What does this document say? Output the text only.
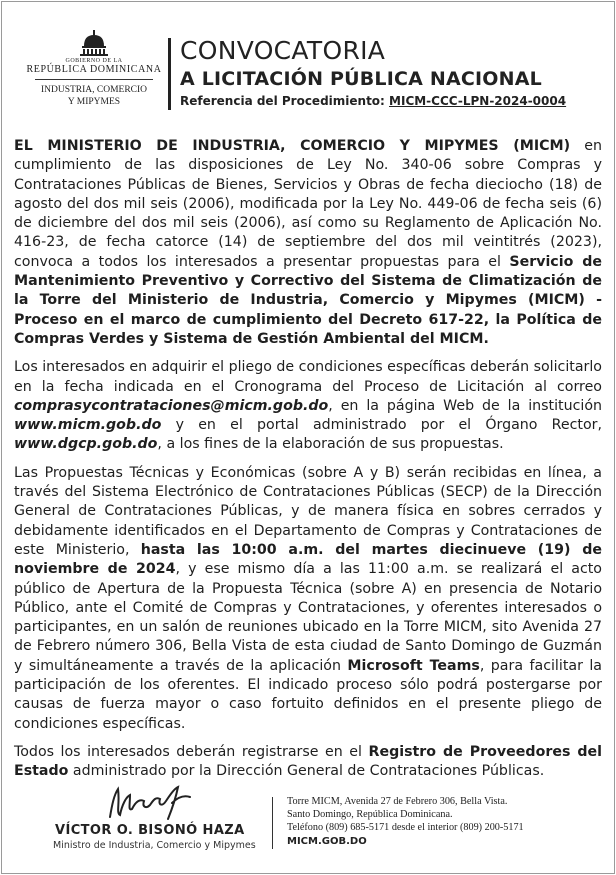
GOBIERNO DE LA
REPÚBLICA DOMINICANA
INDUSTRIA, COMERCIO
Y MIPYMES
CONVOCATORIA
A LICITACIÓN PÚBLICA NACIONAL
Referencia del Procedimiento: MICM-CCC-LPN-2024-0004

EL MINISTERIO DE INDUSTRIA, COMERCIO Y MIPYMES (MICM) en cumplimiento de las disposiciones de Ley No. 340-06 sobre Compras y Contrataciones Públicas de Bienes, Servicios y Obras de fecha dieciocho (18) de agosto del dos mil seis (2006), modificada por la Ley No. 449-06 de fecha seis (6) de diciembre del dos mil seis (2006), así como su Reglamento de Aplicación No. 416-23, de fecha catorce (14) de septiembre del dos mil veintitrés (2023), convoca a todos los interesados a presentar propuestas para el Servicio de Mantenimiento Preventivo y Correctivo del Sistema de Climatización de la Torre del Ministerio de Industria, Comercio y Mipymes (MICM) - Proceso en el marco de cumplimiento del Decreto 617-22, la Política de Compras Verdes y Sistema de Gestión Ambiental del MICM.

Los interesados en adquirir el pliego de condiciones específicas deberán solicitarlo en la fecha indicada en el Cronograma del Proceso de Licitación al correo comprasycontrataciones@micm.gob.do, en la página Web de la institución www.micm.gob.do y en el portal administrado por el Órgano Rector, www.dgcp.gob.do, a los fines de la elaboración de sus propuestas.

Las Propuestas Técnicas y Económicas (sobre A y B) serán recibidas en línea, a través del Sistema Electrónico de Contrataciones Públicas (SECP) de la Dirección General de Contrataciones Públicas, y de manera física en sobres cerrados y debidamente identificados en el Departamento de Compras y Contrataciones de este Ministerio, hasta las 10:00 a.m. del martes diecinueve (19) de noviembre de 2024, y ese mismo día a las 11:00 a.m. se realizará el acto público de Apertura de la Propuesta Técnica (sobre A) en presencia de Notario Público, ante el Comité de Compras y Contrataciones, y oferentes interesados o participantes, en un salón de reuniones ubicado en la Torre MICM, sito Avenida 27 de Febrero número 306, Bella Vista de esta ciudad de Santo Domingo de Guzmán y simultáneamente a través de la aplicación Microsoft Teams, para facilitar la participación de los oferentes. El indicado proceso sólo podrá postergarse por causas de fuerza mayor o caso fortuito definidos en el presente pliego de condiciones específicas.

Todos los interesados deberán registrarse en el Registro de Proveedores del Estado administrado por la Dirección General de Contrataciones Públicas.

VÍCTOR O. BISONÓ HAZA
Ministro de Industria, Comercio y Mipymes
Torre MICM, Avenida 27 de Febrero 306, Bella Vista.
Santo Domingo, República Dominicana.
Teléfono (809) 685-5171 desde el interior (809) 200-5171
MICM.GOB.DO
